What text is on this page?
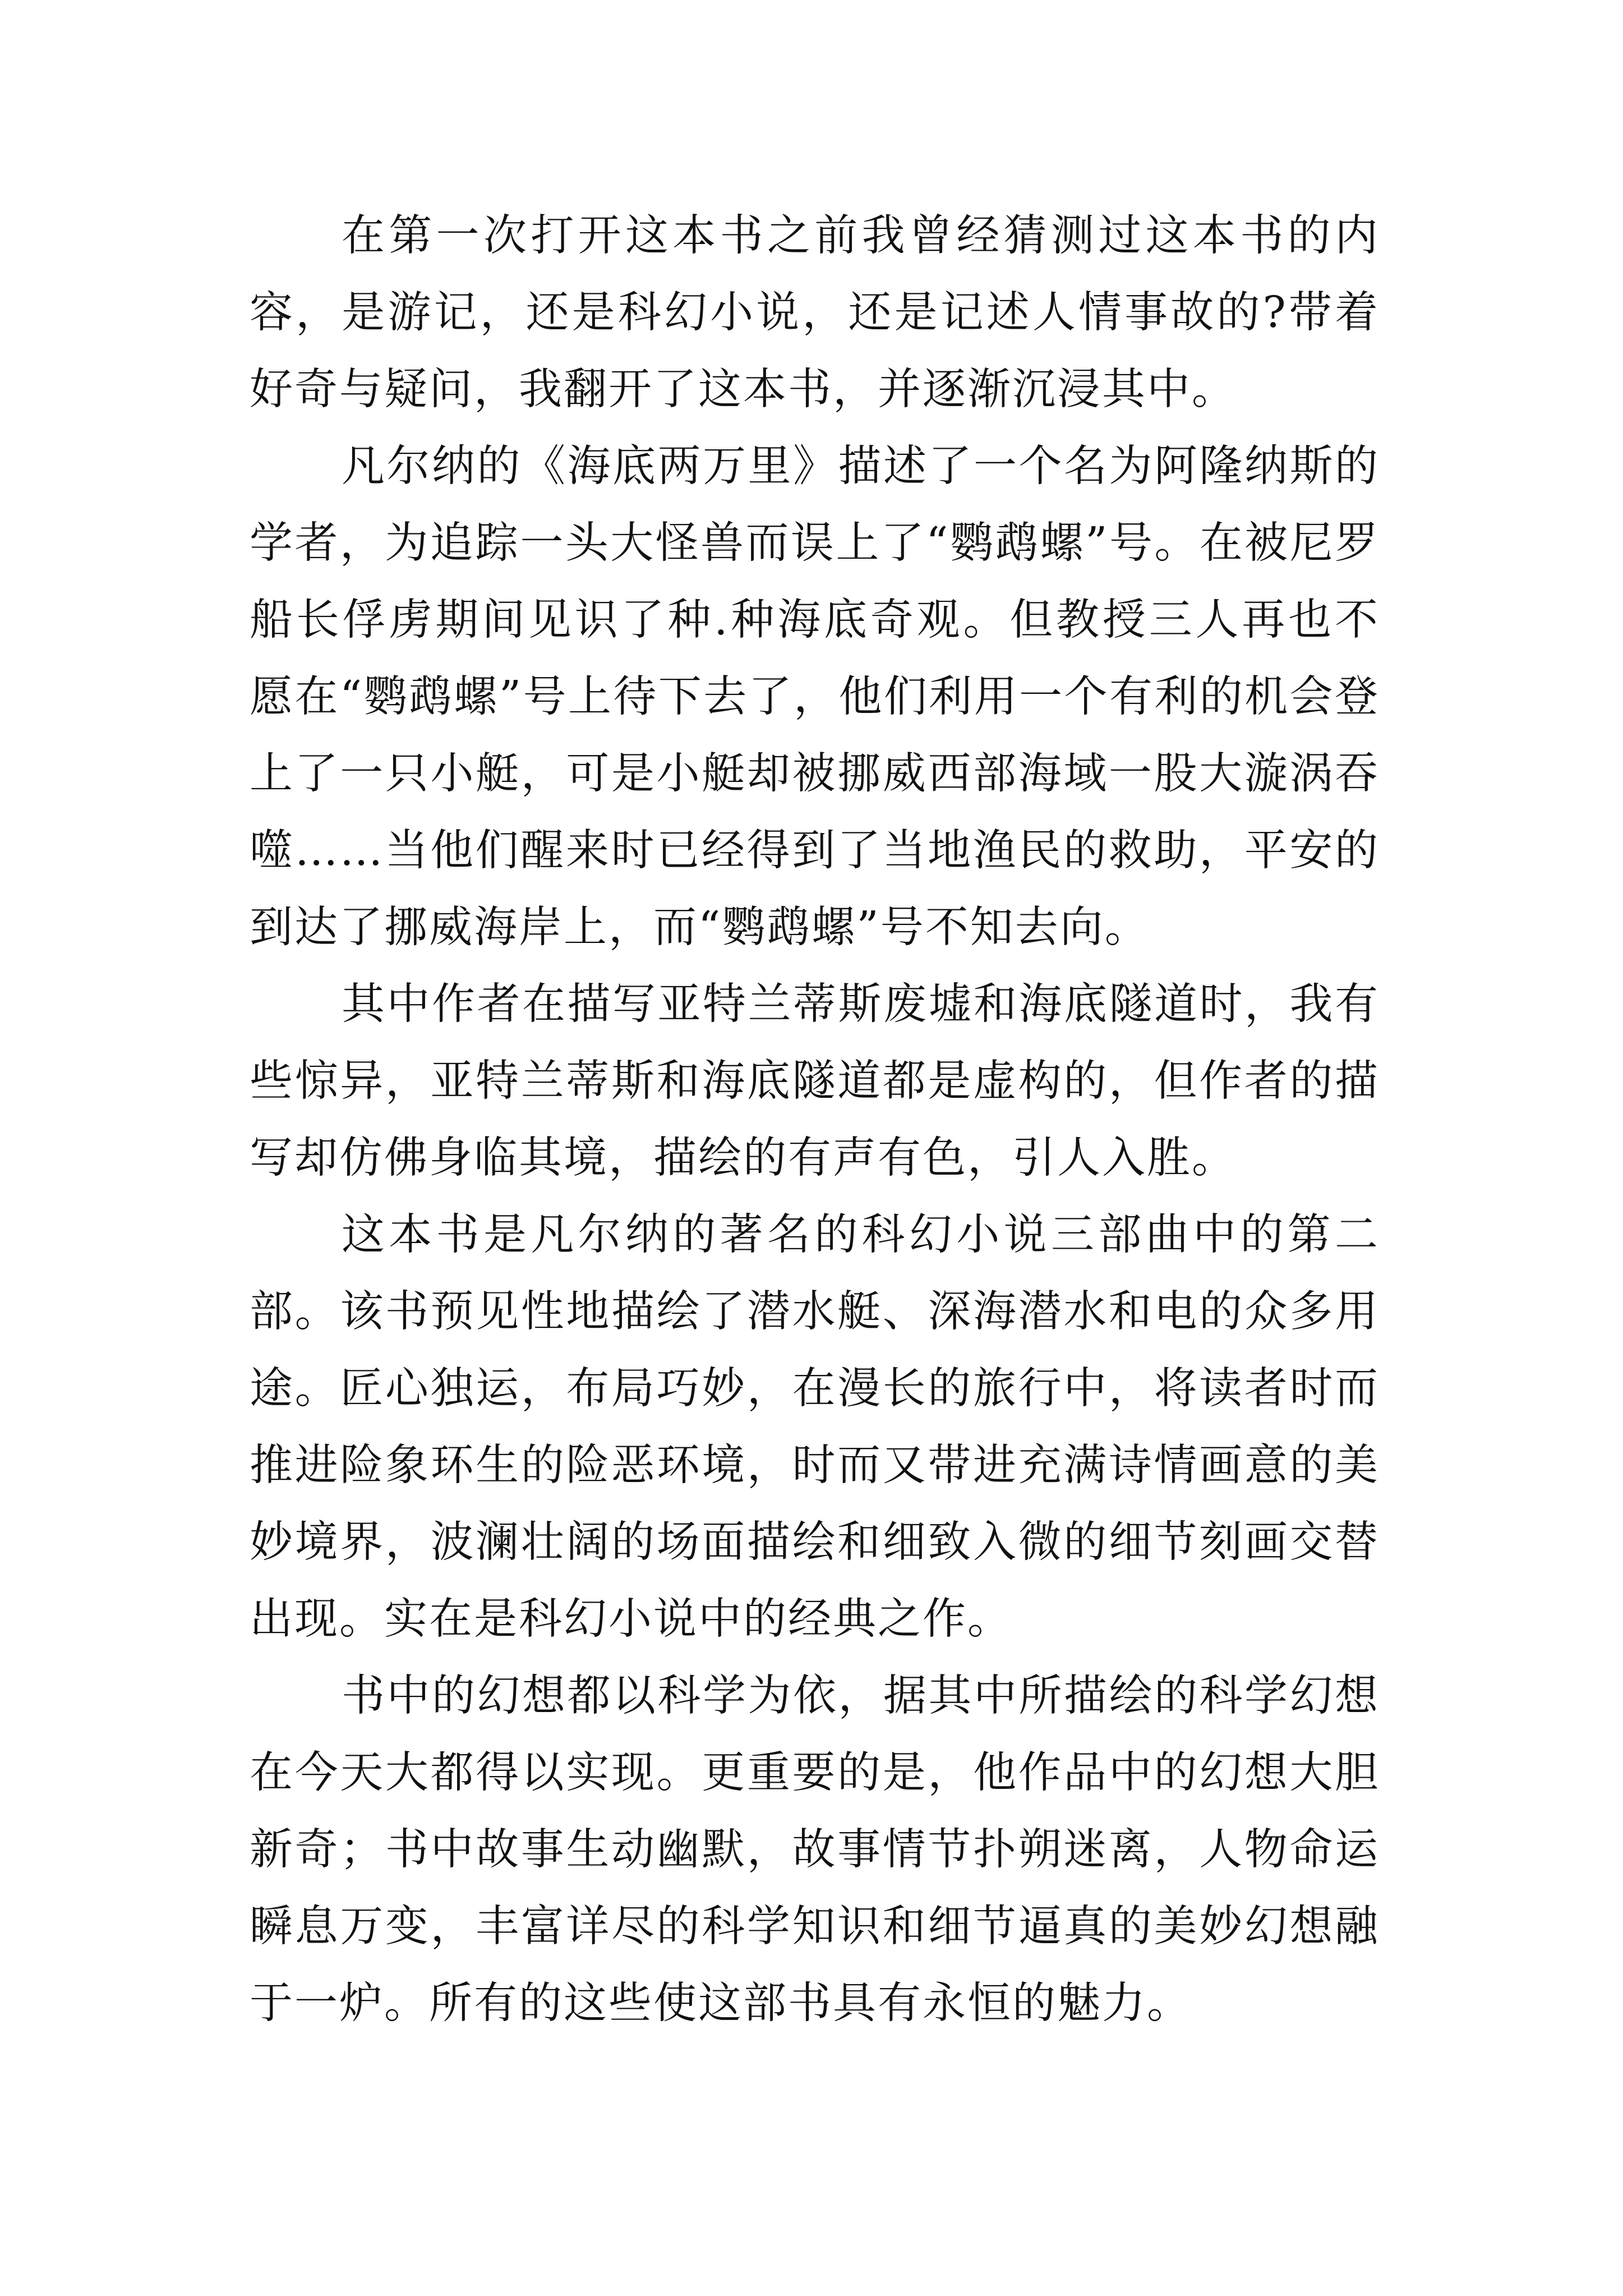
在第一次打开这本书之前我曾经猜测过这本书的内容，是游记，还是科幻小说，还是记述人情事故的?带着好奇与疑问，我翻开了这本书，并逐渐沉浸其中。

凡尔纳的《海底两万里》描述了一个名为阿隆纳斯的学者，为追踪一头大怪兽而误上了“鹦鹉螺”号。在被尼罗船长俘虏期间见识了种.种海底奇观。但教授三人再也不愿在“鹦鹉螺”号上待下去了，他们利用一个有利的机会登上了一只小艇，可是小艇却被挪威西部海域一股大漩涡吞噬……当他们醒来时已经得到了当地渔民的救助，平安的到达了挪威海岸上，而“鹦鹉螺”号不知去向。

其中作者在描写亚特兰蒂斯废墟和海底隧道时，我有些惊异，亚特兰蒂斯和海底隧道都是虚构的，但作者的描写却仿佛身临其境，描绘的有声有色，引人入胜。

这本书是凡尔纳的著名的科幻小说三部曲中的第二部。该书预见性地描绘了潜水艇、深海潜水和电的众多用途。匠心独运，布局巧妙，在漫长的旅行中，将读者时而推进险象环生的险恶环境，时而又带进充满诗情画意的美妙境界，波澜壮阔的场面描绘和细致入微的细节刻画交替出现。实在是科幻小说中的经典之作。

书中的幻想都以科学为依，据其中所描绘的科学幻想在今天大都得以实现。更重要的是，他作品中的幻想大胆新奇；书中故事生动幽默，故事情节扑朔迷离，人物命运瞬息万变，丰富详尽的科学知识和细节逼真的美妙幻想融于一炉。所有的这些使这部书具有永恒的魅力。
